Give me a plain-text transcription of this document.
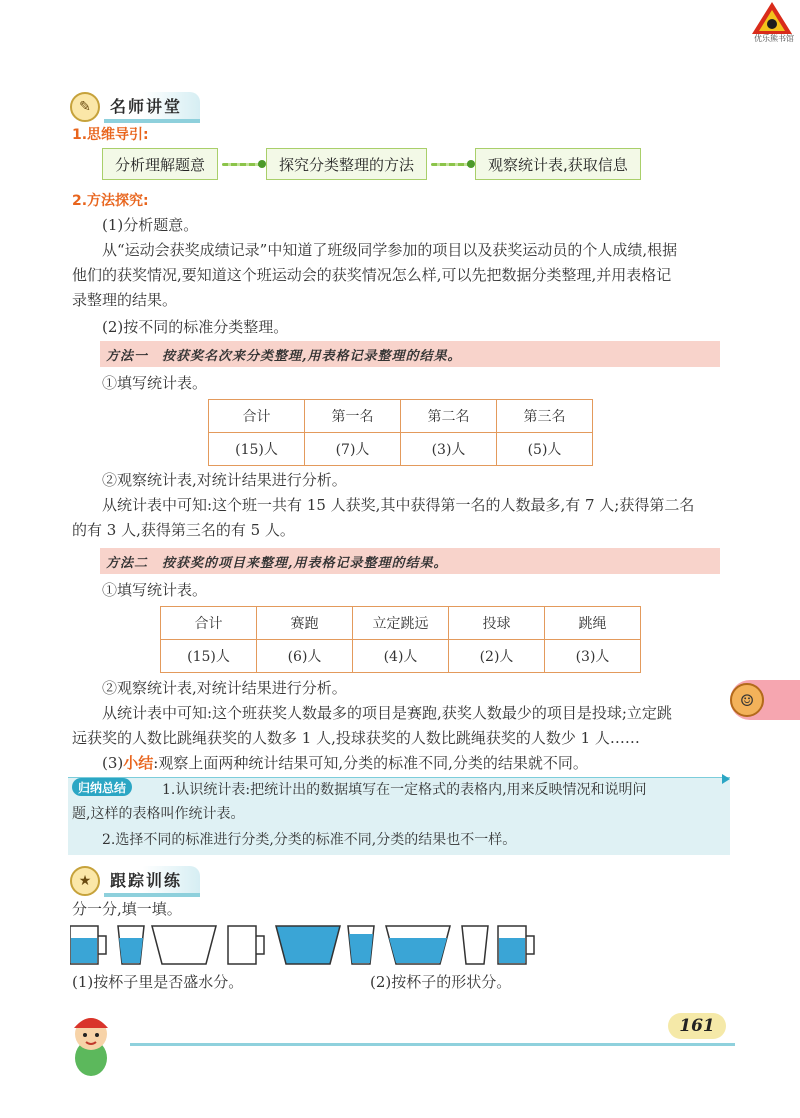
优乐熊书馆
✎	名师讲堂
1.思维导引:
分析理解题意	探究分类整理的方法	观察统计表,获取信息
2.方法探究:
(1)分析题意。
从“运动会获奖成绩记录”中知道了班级同学参加的项目以及获奖运动员的个人成绩,根据
他们的获奖情况,要知道这个班运动会的获奖情况怎么样,可以先把数据分类整理,并用表格记
录整理的结果。
(2)按不同的标准分类整理。
方法一　按获奖名次来分类整理,用表格记录整理的结果。
①填写统计表。
合计	第一名	第二名	第三名
(15)人	(7)人	(3)人	(5)人
②观察统计表,对统计结果进行分析。
从统计表中可知:这个班一共有 15 人获奖,其中获得第一名的人数最多,有 7 人;获得第二名
的有 3 人,获得第三名的有 5 人。
方法二　按获奖的项目来整理,用表格记录整理的结果。
①填写统计表。
合计	赛跑	立定跳远	投球	跳绳
(15)人	(6)人	(4)人	(2)人	(3)人
②观察统计表,对统计结果进行分析。
从统计表中可知:这个班获奖人数最多的项目是赛跑,获奖人数最少的项目是投球;立定跳
远获奖的人数比跳绳获奖的人数多 1 人,投球获奖的人数比跳绳获奖的人数少 1 人……
(3)小结:观察上面两种统计结果可知,分类的标准不同,分类的结果就不同。
归纳总结	1.认识统计表:把统计出的数据填写在一定格式的表格内,用来反映情况和说明问
题,这样的表格叫作统计表。
2.选择不同的标准进行分类,分类的标准不同,分类的结果也不一样。
★	跟踪训练
分一分,填一填。
(1)按杯子里是否盛水分。	(2)按杯子的形状分。
☺
161
